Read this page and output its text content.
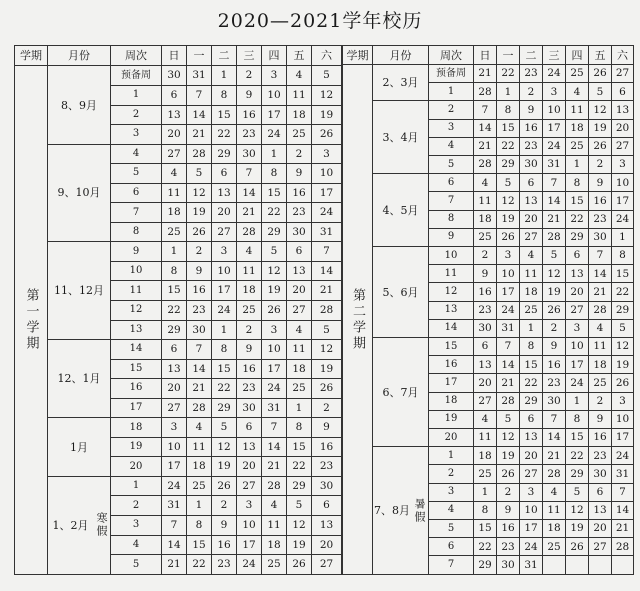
2020—2021学年校历
学期	月份	周次	日	一	二	三	四	五	六
第一学期	8、9月	预备周	30	31	1	2	3	4	5
		1	6	7	8	9	10	11	12
		2	13	14	15	16	17	18	19
		3	20	21	22	23	24	25	26
	9、10月	4	27	28	29	30	1	2	3
		5	4	5	6	7	8	9	10
		6	11	12	13	14	15	16	17
		7	18	19	20	21	22	23	24
		8	25	26	27	28	29	30	31
	11、12月	9	1	2	3	4	5	6	7
		10	8	9	10	11	12	13	14
		11	15	16	17	18	19	20	21
		12	22	23	24	25	26	27	28
		13	29	30	1	2	3	4	5
	12、1月	14	6	7	8	9	10	11	12
		15	13	14	15	16	17	18	19
		16	20	21	22	23	24	25	26
		17	27	28	29	30	31	1	2
	1月	18	3	4	5	6	7	8	9
		19	10	11	12	13	14	15	16
		20	17	18	19	20	21	22	23

	1、2月 寒假	1	24	25	26	27	28	29	30
		2	31	1	2	3	4	5	6
		3	7	8	9	10	11	12	13
		4	14	15	16	17	18	19	20
		5	21	22	23	24	25	26	27
学期	月份	周次	日	一	二	三	四	五	六
第二学期	2、3月	预备周	21	22	23	24	25	26	27
		1	28	1	2	3	4	5	6
	3、4月	2	7	8	9	10	11	12	13
		3	14	15	16	17	18	19	20
		4	21	22	23	24	25	26	27
		5	28	29	30	31	1	2	3
	4、5月	6	4	5	6	7	8	9	10
		7	11	12	13	14	15	16	17
		8	18	19	20	21	22	23	24
		9	25	26	27	28	29	30	1
	5、6月	10	2	3	4	5	6	7	8
		11	9	10	11	12	13	14	15
		12	16	17	18	19	20	21	22
		13	23	24	25	26	27	28	29
		14	30	31	1	2	3	4	5
	6、7月	15	6	7	8	9	10	11	12
		16	13	14	15	16	17	18	19
		17	20	21	22	23	24	25	26
		18	27	28	29	30	1	2	3
		19	4	5	6	7	8	9	10
		20	11	12	13	14	15	16	17

	7、8月 暑假	1	18	19	20	21	22	23	24
		2	25	26	27	28	29	30	31
		3	1	2	3	4	5	6	7
		4	8	9	10	11	12	13	14
		5	15	16	17	18	19	20	21
		6	22	23	24	25	26	27	28
		7	29	30	31				
